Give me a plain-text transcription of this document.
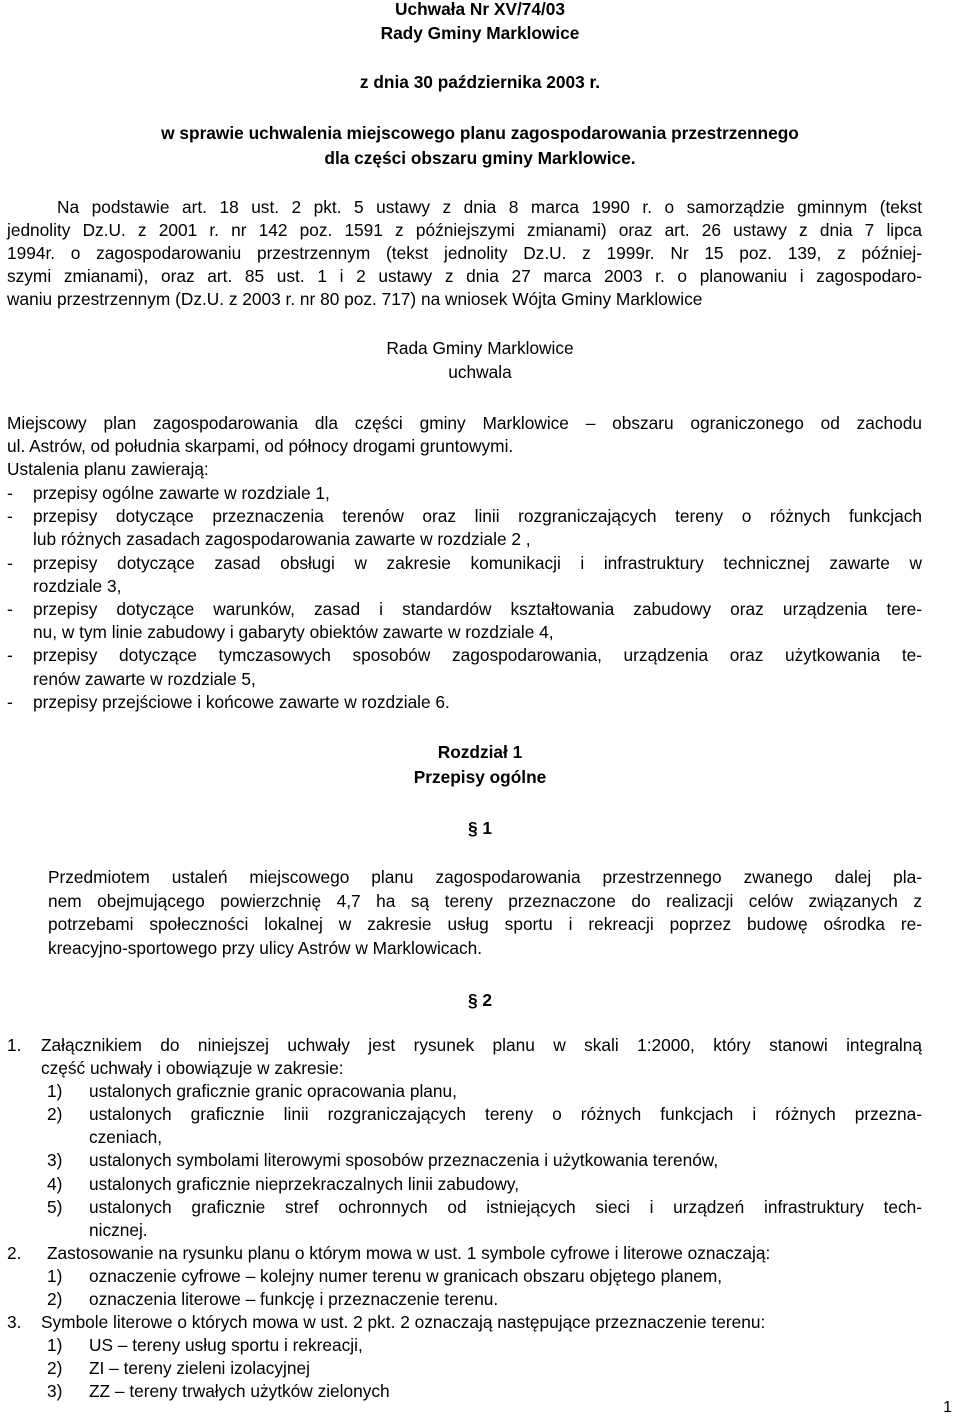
Uchwała Nr XV/74/03
Rady Gminy Marklowice
z dnia 30 października 2003 r.
w sprawie uchwalenia miejscowego planu zagospodarowania przestrzennego
dla części obszaru gminy Marklowice.
Na podstawie art. 18 ust. 2 pkt. 5 ustawy z dnia 8 marca 1990 r. o samorządzie gminnym (tekst
jednolity Dz.U. z 2001 r. nr 142 poz. 1591 z późniejszymi zmianami) oraz art. 26 ustawy z dnia 7 lipca
1994r. o zagospodarowaniu przestrzennym (tekst jednolity Dz.U. z 1999r. Nr 15 poz. 139, z później-
szymi zmianami), oraz art. 85 ust. 1 i 2 ustawy z dnia 27 marca 2003 r. o planowaniu i zagospodaro-
waniu przestrzennym (Dz.U. z 2003 r. nr 80 poz. 717) na wniosek Wójta Gminy Marklowice
Rada Gminy Marklowice
uchwala
Miejscowy plan zagospodarowania dla części gminy Marklowice – obszaru ograniczonego od zachodu
ul. Astrów, od południa skarpami, od północy drogami gruntowymi.
Ustalenia planu zawierają:
- przepisy ogólne zawarte w rozdziale 1,
- przepisy dotyczące przeznaczenia terenów oraz linii rozgraniczających tereny o różnych funkcjach
lub różnych zasadach zagospodarowania zawarte w rozdziale 2 ,
- przepisy dotyczące zasad obsługi w zakresie komunikacji i infrastruktury technicznej zawarte w
rozdziale 3,
- przepisy dotyczące warunków, zasad i standardów kształtowania zabudowy oraz urządzenia tere-
nu, w tym linie zabudowy i gabaryty obiektów zawarte w rozdziale 4,
- przepisy dotyczące tymczasowych sposobów zagospodarowania, urządzenia oraz użytkowania te-
renów zawarte w rozdziale 5,
- przepisy przejściowe i końcowe zawarte w rozdziale 6.
Rozdział 1
Przepisy ogólne
§ 1
Przedmiotem ustaleń miejscowego planu zagospodarowania przestrzennego zwanego dalej pla-
nem obejmującego powierzchnię 4,7 ha są tereny przeznaczone do realizacji celów związanych z
potrzebami społeczności lokalnej w zakresie usług sportu i rekreacji poprzez budowę ośrodka re-
kreacyjno-sportowego przy ulicy Astrów w Marklowicach.
§ 2
1. Załącznikiem do niniejszej uchwały jest rysunek planu w skali 1:2000, który stanowi integralną
część uchwały i obowiązuje w zakresie:
1) ustalonych graficznie granic opracowania planu,
2) ustalonych graficznie linii rozgraniczających tereny o różnych funkcjach i różnych przezna-
czeniach,
3) ustalonych symbolami literowymi sposobów przeznaczenia i użytkowania terenów,
4) ustalonych graficznie nieprzekraczalnych linii zabudowy,
5) ustalonych graficznie stref ochronnych od istniejących sieci i urządzeń infrastruktury tech-
nicznej.
2. Zastosowanie na rysunku planu o którym mowa w ust. 1 symbole cyfrowe i literowe oznaczają:
1) oznaczenie cyfrowe – kolejny numer terenu w granicach obszaru objętego planem,
2) oznaczenia literowe – funkcję i przeznaczenie terenu.
3. Symbole literowe o których mowa w ust. 2 pkt. 2 oznaczają następujące przeznaczenie terenu:
1) US – tereny usług sportu i rekreacji,
2) ZI – tereny zieleni izolacyjnej
3) ZZ – tereny trwałych użytków zielonych
1
